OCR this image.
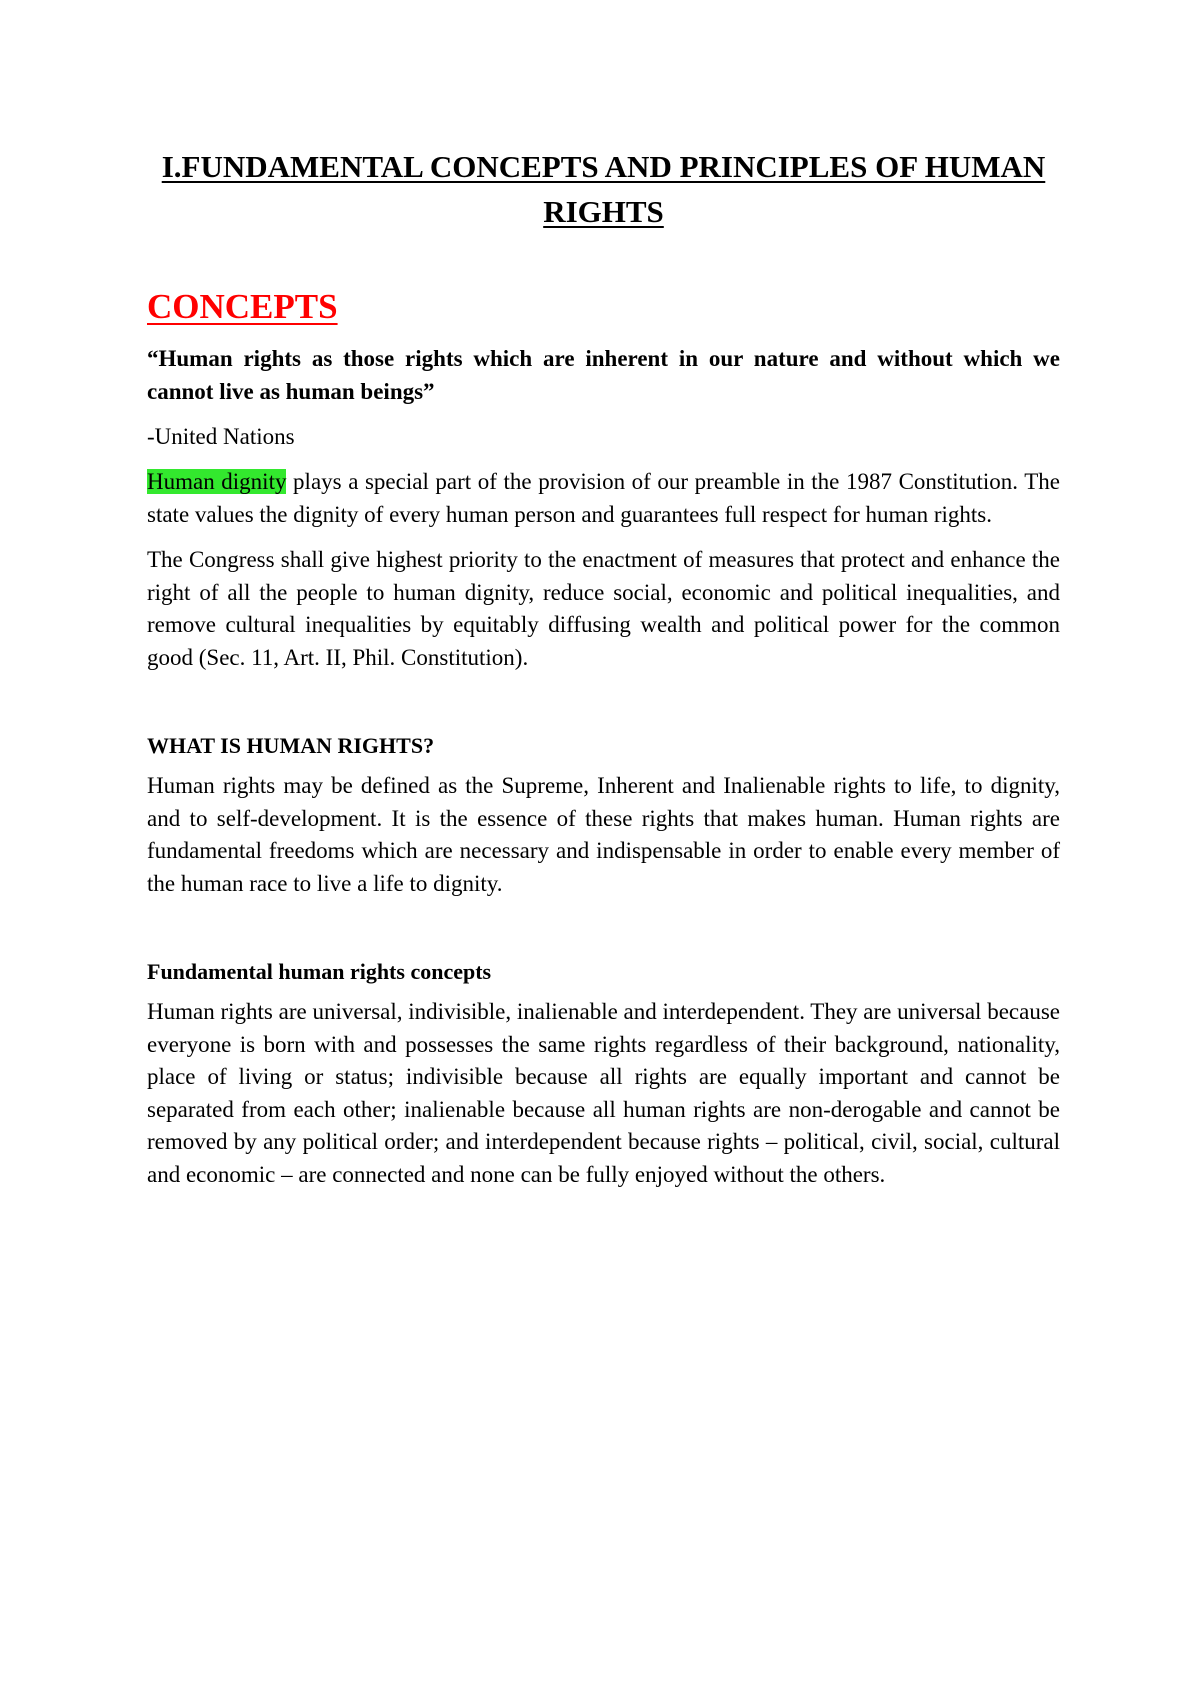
I.FUNDAMENTAL CONCEPTS AND PRINCIPLES OF HUMAN RIGHTS
CONCEPTS

“Human rights as those rights which are inherent in our nature and without which we cannot live as human beings”

-United Nations

Human dignity plays a special part of the provision of our preamble in the 1987 Constitution. The state values the dignity of every human person and guarantees full respect for human rights.

The Congress shall give highest priority to the enactment of measures that protect and enhance the right of all the people to human dignity, reduce social, economic and political inequalities, and remove cultural inequalities by equitably diffusing wealth and political power for the common good (Sec. 11, Art. II, Phil. Constitution).

WHAT IS HUMAN RIGHTS?

Human rights may be defined as the Supreme, Inherent and Inalienable rights to life, to dignity, and to self-development. It is the essence of these rights that makes human. Human rights are fundamental freedoms which are necessary and indispensable in order to enable every member of the human race to live a life to dignity.

Fundamental human rights concepts

Human rights are universal, indivisible, inalienable and interdependent. They are universal because everyone is born with and possesses the same rights regardless of their background, nationality, place of living or status; indivisible because all rights are equally important and cannot be separated from each other; inalienable because all human rights are non-derogable and cannot be removed by any political order; and interdependent because rights – political, civil, social, cultural and economic – are connected and none can be fully enjoyed without the others.
